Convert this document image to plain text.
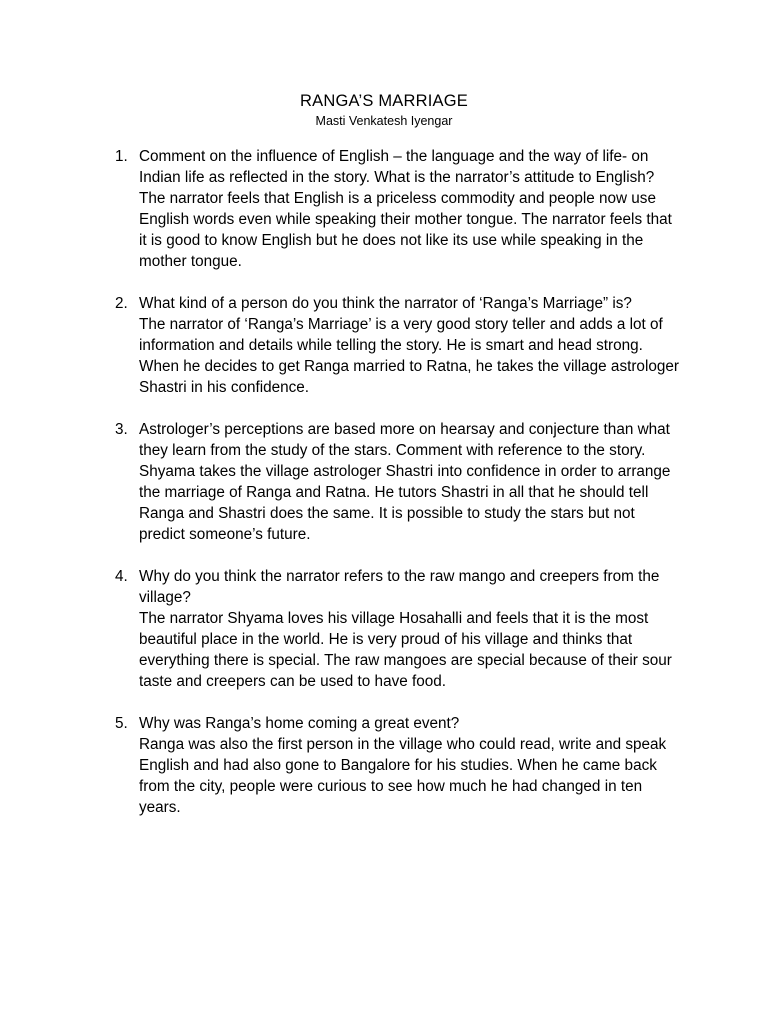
RANGA’S MARRIAGE
Masti Venkatesh Iyengar
1. Comment on the influence of English – the language and the way of life- on Indian life as reflected in the story. What is the narrator’s attitude to English?
The narrator feels that English is a priceless commodity and people now use English words even while speaking their mother tongue. The narrator feels that it is good to know English but he does not like its use while speaking in the mother tongue.
2. What kind of a person do you think the narrator of ‘Ranga’s Marriage” is?
The narrator of ‘Ranga’s Marriage’ is a very good story teller and adds a lot of information and details while telling the story. He is smart and head strong. When he decides to get Ranga married to Ratna, he takes the village astrologer Shastri in his confidence.
3. Astrologer’s perceptions are based more on hearsay and conjecture than what they learn from the study of the stars. Comment with reference to the story.
Shyama takes the village astrologer Shastri into confidence in order to arrange the marriage of Ranga and Ratna. He tutors Shastri in all that he should tell Ranga and Shastri does the same. It is possible to study the stars but not predict someone’s future.
4. Why do you think the narrator refers to the raw mango and creepers from the village?
The narrator Shyama loves his village Hosahalli and feels that it is the most beautiful place in the world. He is very proud of his village and thinks that everything there is special. The raw mangoes are special because of their sour taste and creepers can be used to have food.
5. Why was Ranga’s home coming a great event?
Ranga was also the first person in the village who could read, write and speak English and had also gone to Bangalore for his studies. When he came back from the city, people were curious to see how much he had changed in ten years.
